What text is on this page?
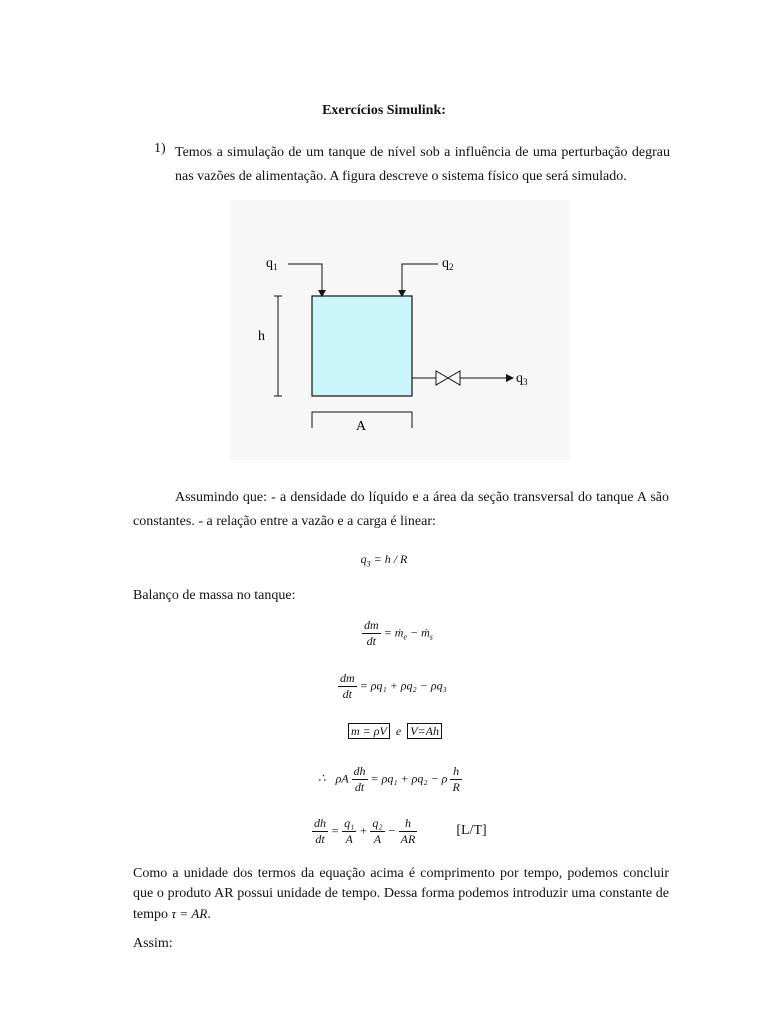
Exercícios Simulink:
1) Temos a simulação de um tanque de nível sob a influência de uma perturbação degrau nas vazões de alimentação. A figura descreve o sistema físico que será simulado.
$q_1$	$q_2$
$q_3$
h
A
Assumindo que: - a densidade do líquido e a área da seção transversal do tanque A são constantes. - a relação entre a vazão e a carga é linear:
$q_3 = h / R$
Balanço de massa no tanque:
$\frac{dm}{dt}$ = ṁ$_e$ − ṁ$_s$
$\frac{dm}{dt} = \rho q_1 + \rho q_2 - \rho q_3$
m = ρV e V=Ah
∴ ρA $\frac{dh}{dt} = \rho q_1 + \rho q_2 - \rho \frac{h}{R}$
$\frac{dh}{dt} = \frac{\text{q₁}}{A} + \frac{\text{q₂}}{A} - \frac{h}{AR}$	[L/T]
Como a unidade dos termos da equação acima é comprimento por tempo, podemos concluir que o produto AR possui unidade de tempo. Dessa forma podemos introduzir uma constante de tempo τ = AR.
Assim:
